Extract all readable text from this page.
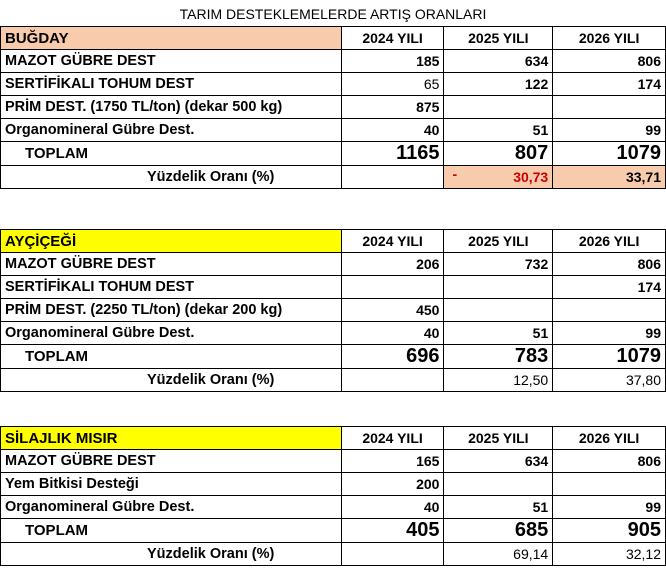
TARIM DESTEKLEMELERDE ARTIŞ ORANLARI
BUĞDAY	2024 YILI	2025 YILI	2026 YILI
MAZOT GÜBRE DEST	185	634	806
SERTİFİKALI TOHUM DEST	65	122	174
PRİM DEST. (1750 TL/ton) (dekar 500 kg)	875		
Organomineral Gübre Dest.	40	51	99
TOPLAM	1165	807	1079
Yüzdelik Oranı (%)		- 30,73	33,71
AYÇİÇEĞİ	2024 YILI	2025 YILI	2026 YILI
MAZOT GÜBRE DEST	206	732	806
SERTİFİKALI TOHUM DEST			174
PRİM DEST. (2250 TL/ton) (dekar 200 kg)	450		
Organomineral Gübre Dest.	40	51	99
TOPLAM	696	783	1079
Yüzdelik Oranı (%)		12,50	37,80
SİLAJLIK MISIR	2024 YILI	2025 YILI	2026 YILI
MAZOT GÜBRE DEST	165	634	806
Yem Bitkisi Desteği	200		
Organomineral Gübre Dest.	40	51	99
TOPLAM	405	685	905
Yüzdelik Oranı (%)		69,14	32,12
